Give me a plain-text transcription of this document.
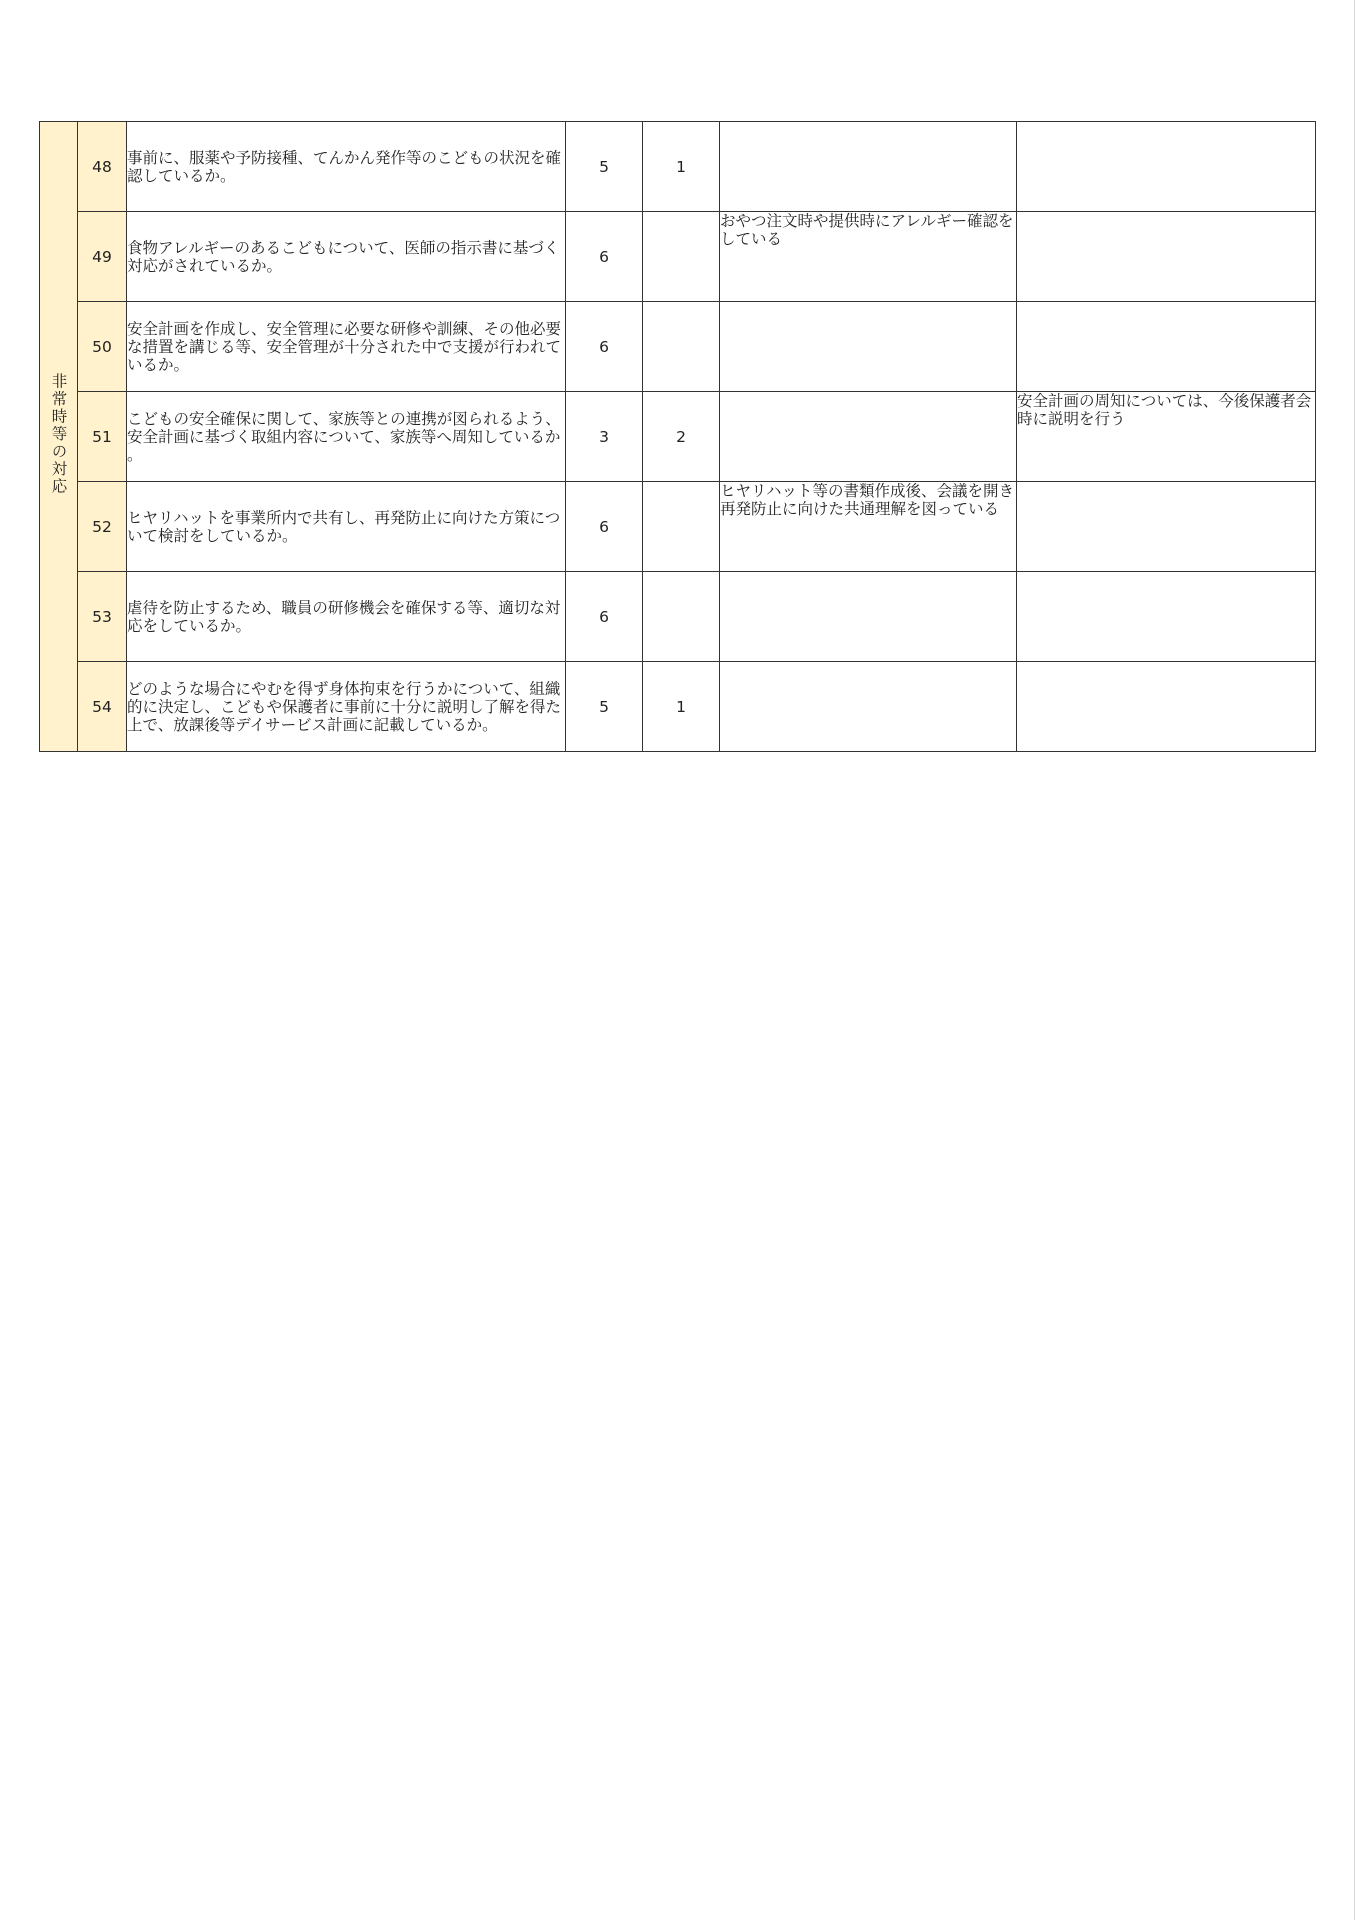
非常時等の対応	48	事前に、服薬や予防接種、てんかん発作等のこどもの状況を確認しているか。	5	1		
	49	食物アレルギーのあるこどもについて、医師の指示書に基づく対応がされているか。	6		おやつ注文時や提供時にアレルギー確認をしている	
	50	安全計画を作成し、安全管理に必要な研修や訓練、その他必要な措置を講じる等、安全管理が十分された中で支援が行われているか。	6			
	51	こどもの安全確保に関して、家族等との連携が図られるよう、安全計画に基づく取組内容について、家族等へ周知しているか 。	3	2		安全計画の周知については、今後保護者会時に説明を行う
	52	ヒヤリハットを事業所内で共有し、再発防止に向けた方策について検討をしているか。	6		ヒヤリハット等の書類作成後、会議を開き再発防止に向けた共通理解を図っている	
	53	虐待を防止するため、職員の研修機会を確保する等、適切な対応をしているか。	6			
	54	どのような場合にやむを得ず身体拘束を行うかについて、組織的に決定し、こどもや保護者に事前に十分に説明し了解を得た上で、放課後等デイサービス計画に記載しているか。	5	1		
